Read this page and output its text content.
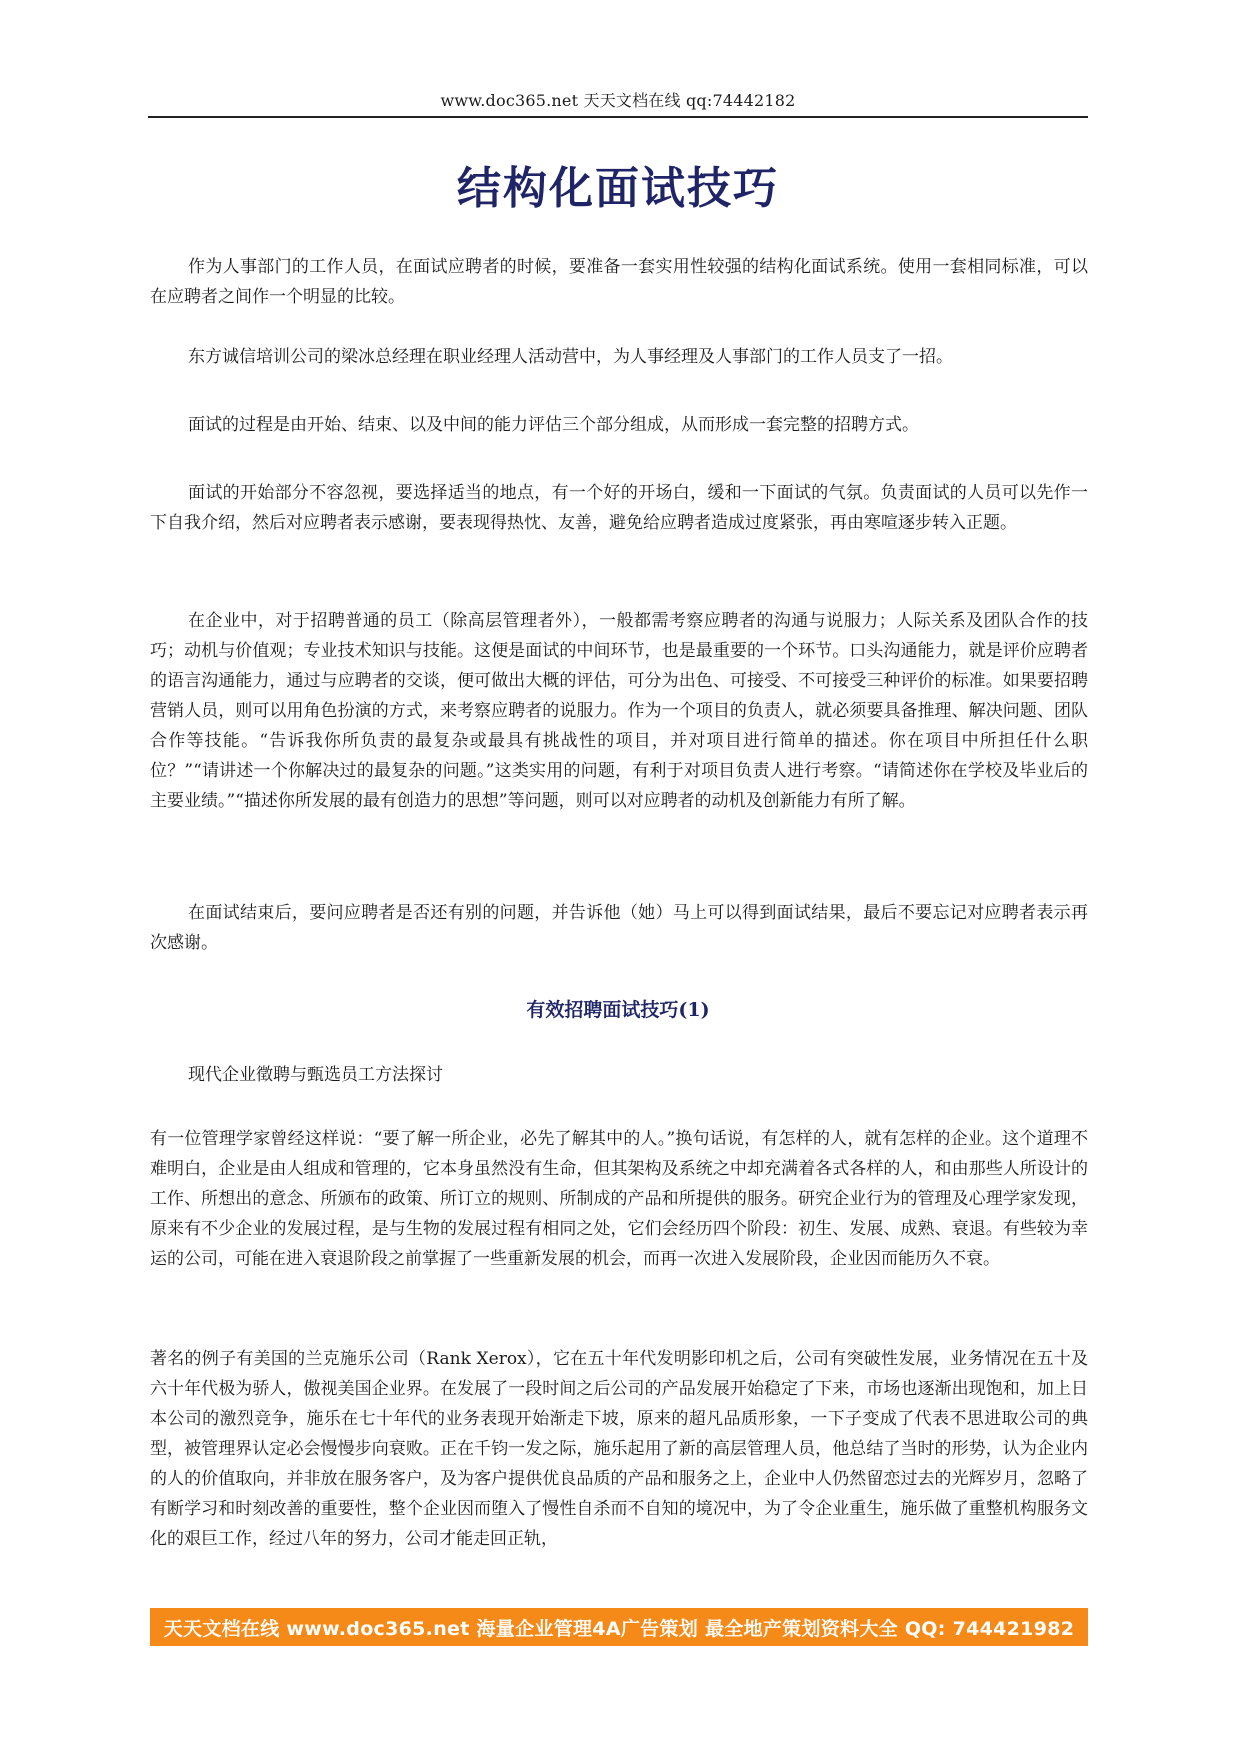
www.doc365.net 天天文档在线 qq:74442182
结构化面试技巧

作为人事部门的工作人员，在面试应聘者的时候，要准备一套实用性较强的结构化面试系统。使用一套相同标准，可以在应聘者之间作一个明显的比较。

东方诚信培训公司的梁冰总经理在职业经理人活动营中，为人事经理及人事部门的工作人员支了一招。

面试的过程是由开始、结束、以及中间的能力评估三个部分组成，从而形成一套完整的招聘方式。

面试的开始部分不容忽视，要选择适当的地点，有一个好的开场白，缓和一下面试的气氛。负责面试的人员可以先作一下自我介绍，然后对应聘者表示感谢，要表现得热忱、友善，避免给应聘者造成过度紧张，再由寒喧逐步转入正题。

在企业中，对于招聘普通的员工（除高层管理者外），一般都需考察应聘者的沟通与说服力；人际关系及团队合作的技巧；动机与价值观；专业技术知识与技能。这便是面试的中间环节，也是最重要的一个环节。口头沟通能力，就是评价应聘者的语言沟通能力，通过与应聘者的交谈，便可做出大概的评估，可分为出色、可接受、不可接受三种评价的标准。如果要招聘营销人员，则可以用角色扮演的方式，来考察应聘者的说服力。作为一个项目的负责人，就必须要具备推理、解决问题、团队合作等技能。“告诉我你所负责的最复杂或最具有挑战性的项目，并对项目进行简单的描述。你在项目中所担任什么职位？”“请讲述一个你解决过的最复杂的问题。”这类实用的问题，有利于对项目负责人进行考察。“请简述你在学校及毕业后的主要业绩。”“描述你所发展的最有创造力的思想”等问题，则可以对应聘者的动机及创新能力有所了解。

在面试结束后，要问应聘者是否还有别的问题，并告诉他（她）马上可以得到面试结果，最后不要忘记对应聘者表示再次感谢。

有效招聘面试技巧(1)

现代企业徵聘与甄选员工方法探讨

有一位管理学家曾经这样说：“要了解一所企业，必先了解其中的人。”换句话说，有怎样的人，就有怎样的企业。这个道理不难明白，企业是由人组成和管理的，它本身虽然没有生命，但其架构及系统之中却充满着各式各样的人，和由那些人所设计的工作、所想出的意念、所颁布的政策、所订立的规则、所制成的产品和所提供的服务。研究企业行为的管理及心理学家发现，原来有不少企业的发展过程，是与生物的发展过程有相同之处，它们会经历四个阶段：初生、发展、成熟、衰退。有些较为幸运的公司，可能在进入衰退阶段之前掌握了一些重新发展的机会，而再一次进入发展阶段，企业因而能历久不衰。

著名的例子有美国的兰克施乐公司（Rank Xerox），它在五十年代发明影印机之后，公司有突破性发展，业务情况在五十及六十年代极为骄人，傲视美国企业界。在发展了一段时间之后公司的产品发展开始稳定了下来，市场也逐渐出现饱和，加上日本公司的激烈竞争，施乐在七十年代的业务表现开始渐走下坡，原来的超凡品质形象，一下子变成了代表不思进取公司的典型，被管理界认定必会慢慢步向衰败。正在千钧一发之际，施乐起用了新的高层管理人员，他总结了当时的形势，认为企业内的人的价值取向，并非放在服务客户，及为客户提供优良品质的产品和服务之上，企业中人仍然留恋过去的光辉岁月，忽略了有断学习和时刻改善的重要性，整个企业因而堕入了慢性自杀而不自知的境况中，为了令企业重生，施乐做了重整机构服务文化的艰巨工作，经过八年的努力，公司才能走回正轨，

天天文档在线 www.doc365.net 海量企业管理4A广告策划 最全地产策划资料大全 QQ: 744421982
